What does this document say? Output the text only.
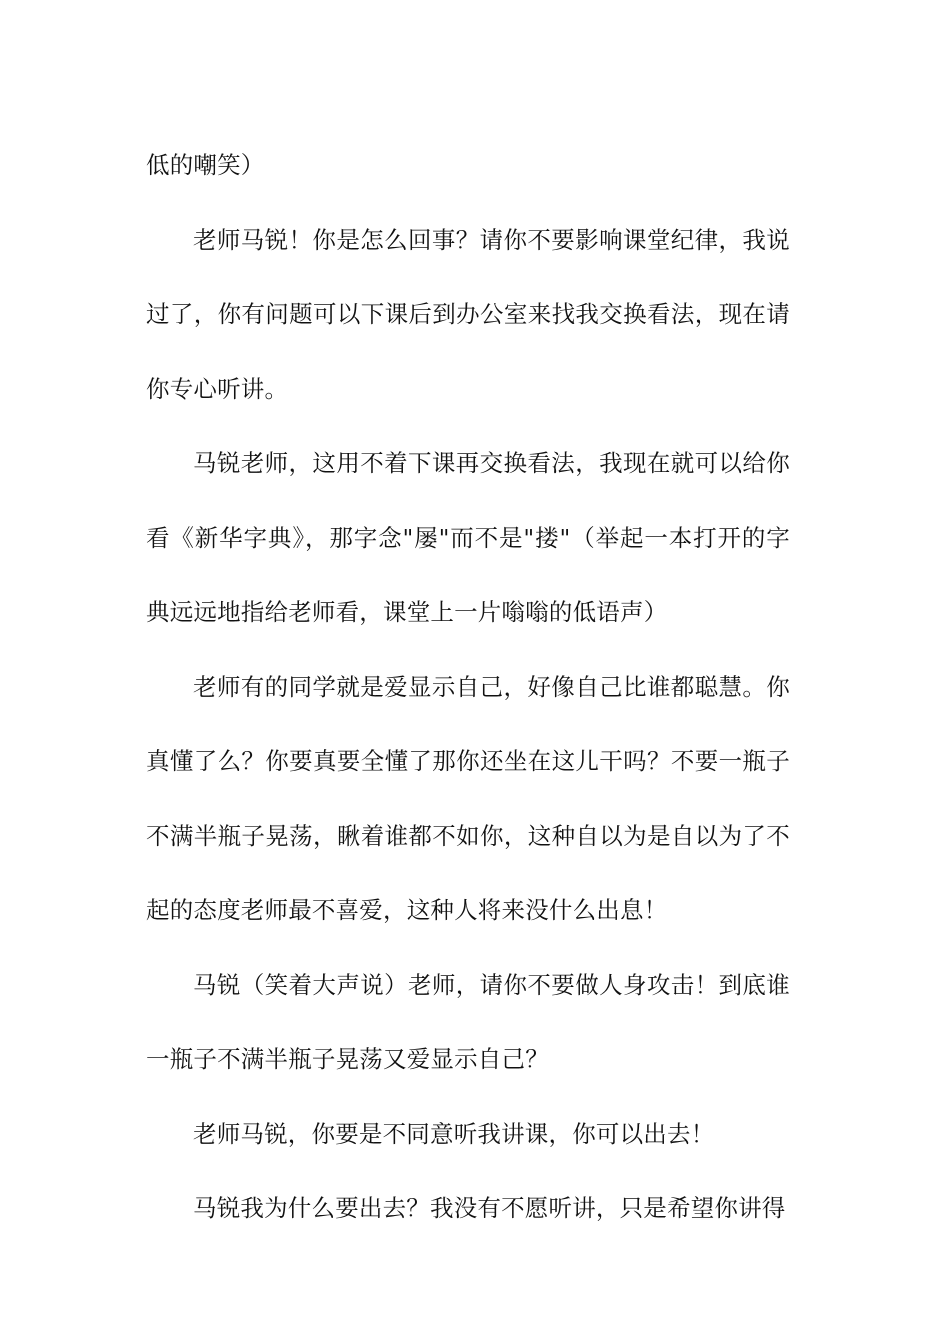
低的嘲笑）

老师马锐！你是怎么回事？请你不要影响课堂纪律，我说过了，你有问题可以下课后到办公室来找我交换看法，现在请你专心听讲。

马锐老师，这用不着下课再交换看法，我现在就可以给你看《新华字典》，那字念"屡"而不是"搂"（举起一本打开的字典远远地指给老师看，课堂上一片嗡嗡的低语声）

老师有的同学就是爱显示自己，好像自己比谁都聪慧。你真懂了么？你要真要全懂了那你还坐在这儿干吗？不要一瓶子不满半瓶子晃荡，瞅着谁都不如你，这种自以为是自以为了不起的态度老师最不喜爱，这种人将来没什么出息！

马锐（笑着大声说）老师，请你不要做人身攻击！到底谁一瓶子不满半瓶子晃荡又爱显示自己？

老师马锐，你要是不同意听我讲课，你可以出去！

马锐我为什么要出去？我没有不愿听讲，只是希望你讲得
